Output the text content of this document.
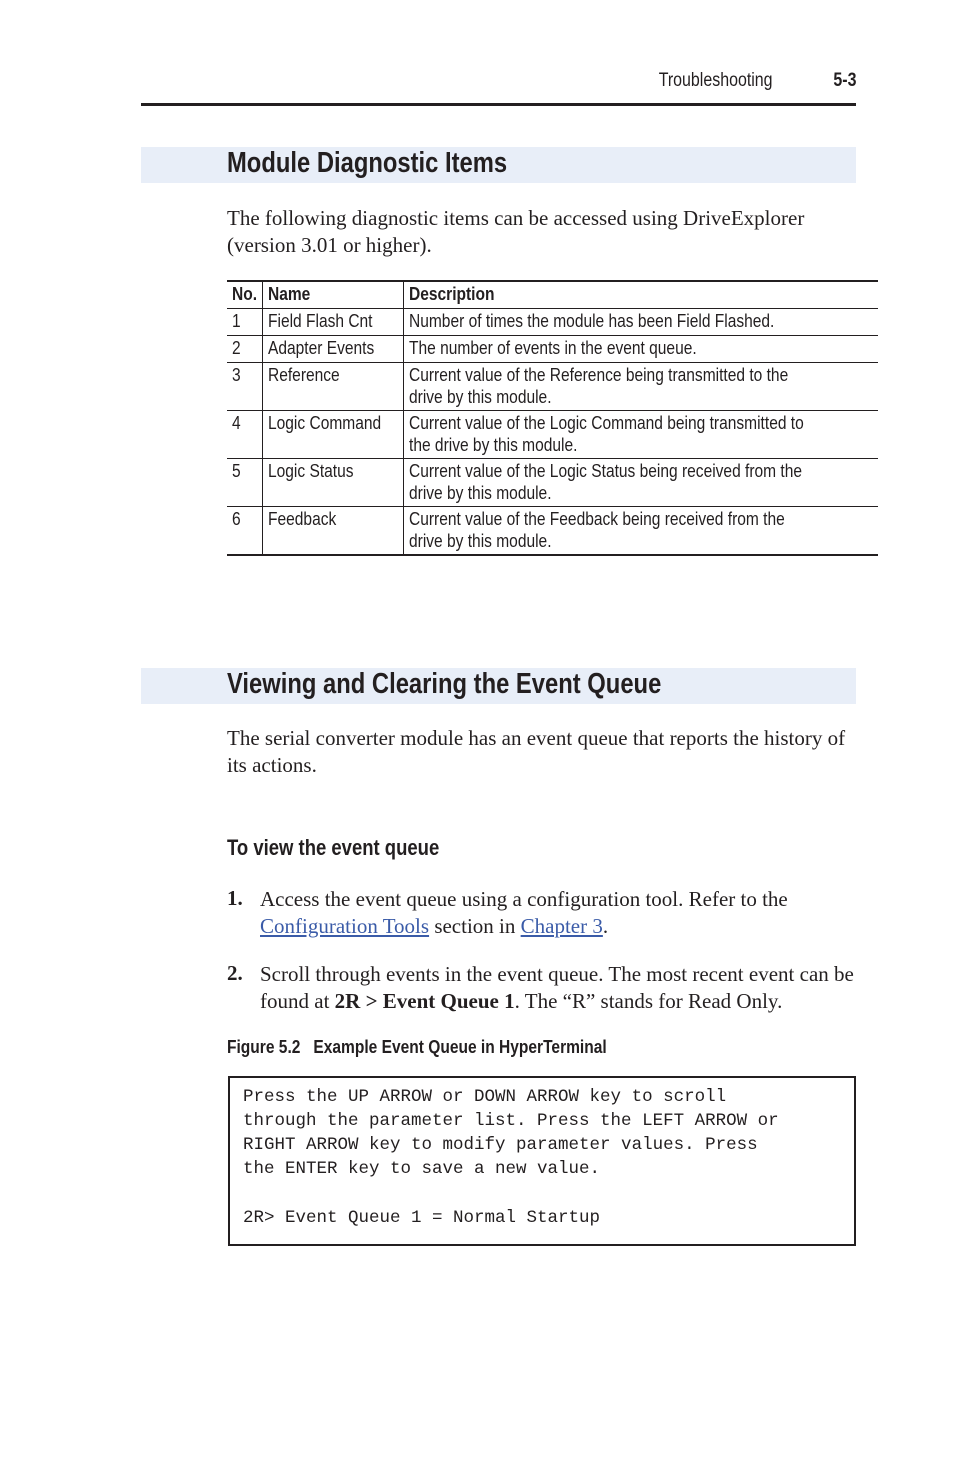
Troubleshooting	5-3
Module Diagnostic Items
The following diagnostic items can be accessed using DriveExplorer (version 3.01 or higher).
No.	Name	Description

1	Field Flash Cnt	Number of times the module has been Field Flashed.

2	Adapter Events	The number of events in the event queue.

3	Reference	Current value of the Reference being transmitted to the
drive by this module.

4	Logic Command	Current value of the Logic Command being transmitted to
the drive by this module.

5	Logic Status	Current value of the Logic Status being received from the
drive by this module.

6	Feedback	Current value of the Feedback being received from the
drive by this module.
Viewing and Clearing the Event Queue
The serial converter module has an event queue that reports the history of its actions.
To view the event queue
1. Access the event queue using a configuration tool. Refer to the Configuration Tools section in Chapter 3.
2. Scroll through events in the event queue. The most recent event can be found at 2R > Event Queue 1. The “R” stands for Read Only.
Figure 5.2 Example Event Queue in HyperTerminal
Press the UP ARROW or DOWN ARROW key to scroll
through the parameter list. Press the LEFT ARROW or
RIGHT ARROW key to modify parameter values. Press
the ENTER key to save a new value.
2R> Event Queue 1 = Normal Startup
